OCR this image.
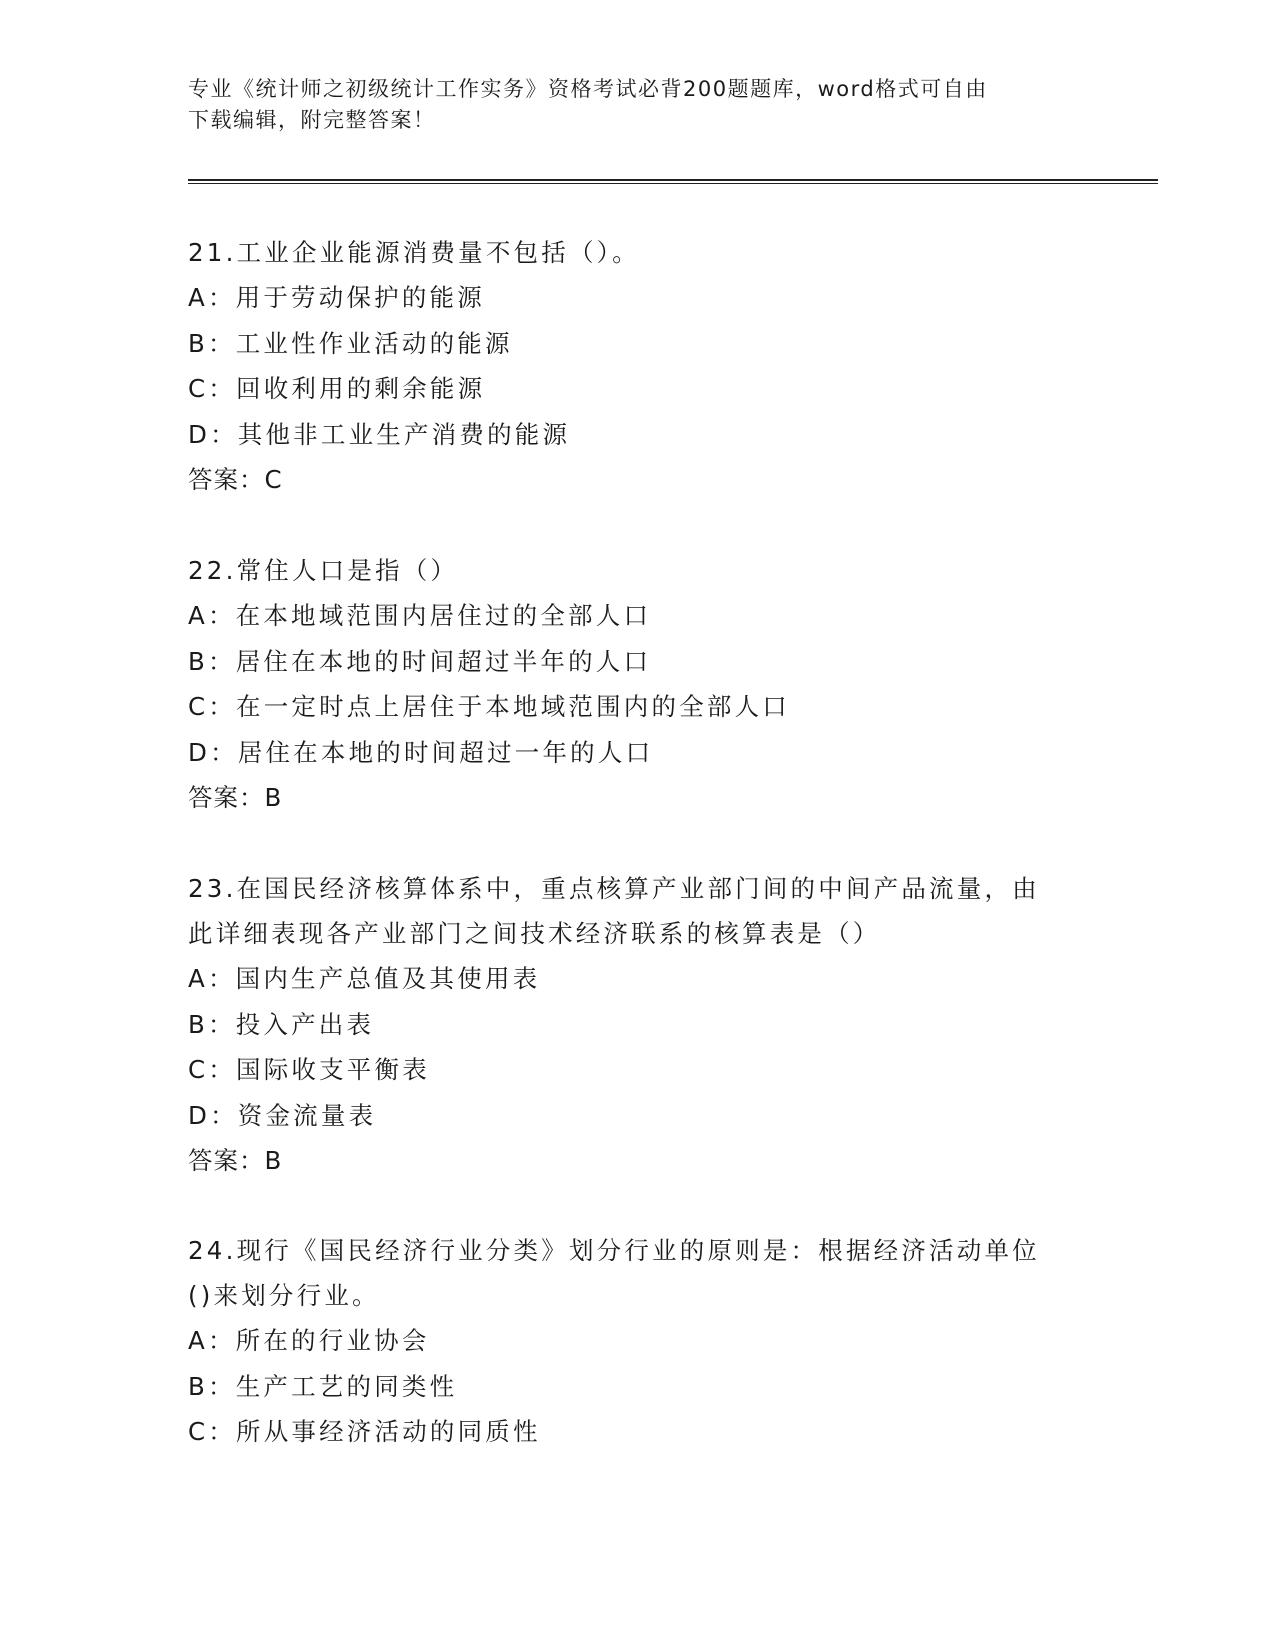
专业《统计师之初级统计工作实务》资格考试必背200题题库，word格式可自由
下载编辑，附完整答案！
21.工业企业能源消费量不包括（）。
A：用于劳动保护的能源
B：工业性作业活动的能源
C：回收利用的剩余能源
D：其他非工业生产消费的能源
答案：C
22.常住人口是指（）
A：在本地域范围内居住过的全部人口
B：居住在本地的时间超过半年的人口
C：在一定时点上居住于本地域范围内的全部人口
D：居住在本地的时间超过一年的人口
答案：B
23.在国民经济核算体系中，重点核算产业部门间的中间产品流量，由
此详细表现各产业部门之间技术经济联系的核算表是（）
A：国内生产总值及其使用表
B：投入产出表
C：国际收支平衡表
D：资金流量表
答案：B
24.现行《国民经济行业分类》划分行业的原则是：根据经济活动单位
()来划分行业。
A：所在的行业协会
B：生产工艺的同类性
C：所从事经济活动的同质性
